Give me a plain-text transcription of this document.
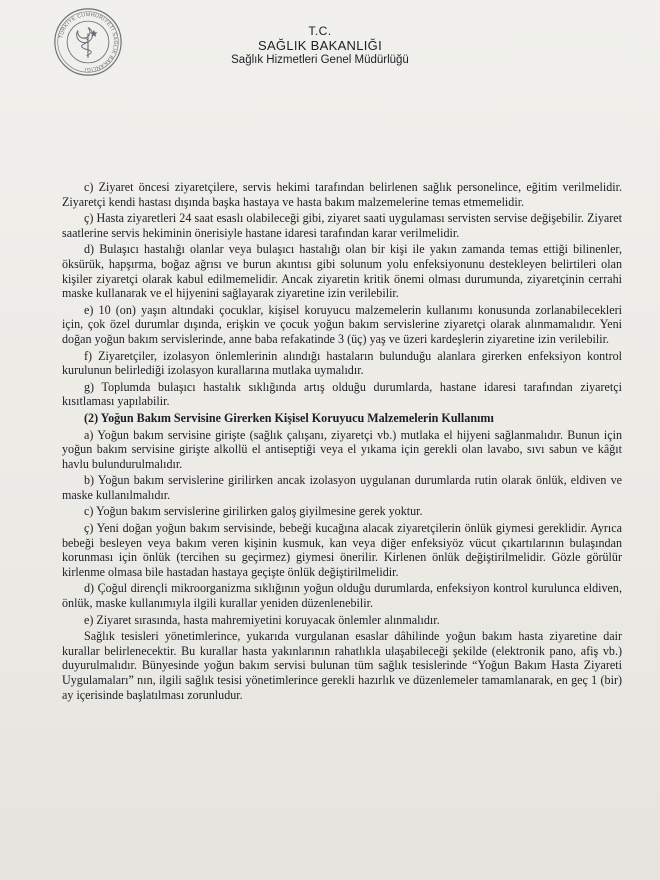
TÜRKİYE CUMHURİYETİ SAĞLIK BAKANLIĞI
T.C.
SAĞLIK BAKANLIĞI
Sağlık Hizmetleri Genel Müdürlüğü

c) Ziyaret öncesi ziyaretçilere, servis hekimi tarafından belirlenen sağlık personelince, eğitim verilmelidir. Ziyaretçi kendi hastası dışında başka hastaya ve hasta bakım malzemelerine temas etmemelidir.

ç) Hasta ziyaretleri 24 saat esaslı olabileceği gibi, ziyaret saati uygulaması servisten servise değişebilir. Ziyaret saatlerine servis hekiminin önerisiyle hastane idaresi tarafından karar verilmelidir.

d) Bulaşıcı hastalığı olanlar veya bulaşıcı hastalığı olan bir kişi ile yakın zamanda temas ettiği bilinenler, öksürük, hapşırma, boğaz ağrısı ve burun akıntısı gibi solunum yolu enfeksiyonunu destekleyen belirtileri olan kişiler ziyaretçi olarak kabul edilmemelidir. Ancak ziyaretin kritik önemi olması durumunda, ziyaretçinin cerrahi maske kullanarak ve el hijyenini sağlayarak ziyaretine izin verilebilir.

e) 10 (on) yaşın altındaki çocuklar, kişisel koruyucu malzemelerin kullanımı konusunda zorlanabilecekleri için, çok özel durumlar dışında, erişkin ve çocuk yoğun bakım servislerine ziyaretçi olarak alınmamalıdır. Yeni doğan yoğun bakım servislerinde, anne baba refakatinde 3 (üç) yaş ve üzeri kardeşlerin ziyaretine izin verilebilir.

f) Ziyaretçiler, izolasyon önlemlerinin alındığı hastaların bulunduğu alanlara girerken enfeksiyon kontrol kurulunun belirlediği izolasyon kurallarına mutlaka uymalıdır.

g) Toplumda bulaşıcı hastalık sıklığında artış olduğu durumlarda, hastane idaresi tarafından ziyaretçi kısıtlaması yapılabilir.

(2) Yoğun Bakım Servisine Girerken Kişisel Koruyucu Malzemelerin Kullanımı

a) Yoğun bakım servisine girişte (sağlık çalışanı, ziyaretçi vb.) mutlaka el hijyeni sağlanmalıdır. Bunun için yoğun bakım servisine girişte alkollü el antiseptiği veya el yıkama için gerekli olan lavabo, sıvı sabun ve kâğıt havlu bulundurulmalıdır.

b) Yoğun bakım servislerine girilirken ancak izolasyon uygulanan durumlarda rutin olarak önlük, eldiven ve maske kullanılmalıdır.

c) Yoğun bakım servislerine girilirken galoş giyilmesine gerek yoktur.

ç) Yeni doğan yoğun bakım servisinde, bebeği kucağına alacak ziyaretçilerin önlük giymesi gereklidir. Ayrıca bebeği besleyen veya bakım veren kişinin kusmuk, kan veya diğer enfeksiyöz vücut çıkartılarının bulaşından korunması için önlük (tercihen su geçirmez) giymesi önerilir. Kirlenen önlük değiştirilmelidir. Gözle görülür kirlenme olmasa bile hastadan hastaya geçişte önlük değiştirilmelidir.

d) Çoğul dirençli mikroorganizma sıklığının yoğun olduğu durumlarda, enfeksiyon kontrol kurulunca eldiven, önlük, maske kullanımıyla ilgili kurallar yeniden düzenlenebilir.

e) Ziyaret sırasında, hasta mahremiyetini koruyacak önlemler alınmalıdır.

Sağlık tesisleri yönetimlerince, yukarıda vurgulanan esaslar dâhilinde yoğun bakım hasta ziyaretine dair kurallar belirlenecektir. Bu kurallar hasta yakınlarının rahatlıkla ulaşabileceği şekilde (elektronik pano, afiş vb.) duyurulmalıdır. Bünyesinde yoğun bakım servisi bulunan tüm sağlık tesislerinde “Yoğun Bakım Hasta Ziyareti Uygulamaları” nın, ilgili sağlık tesisi yönetimlerince gerekli hazırlık ve düzenlemeler tamamlanarak, en geç 1 (bir) ay içerisinde başlatılması zorunludur.
